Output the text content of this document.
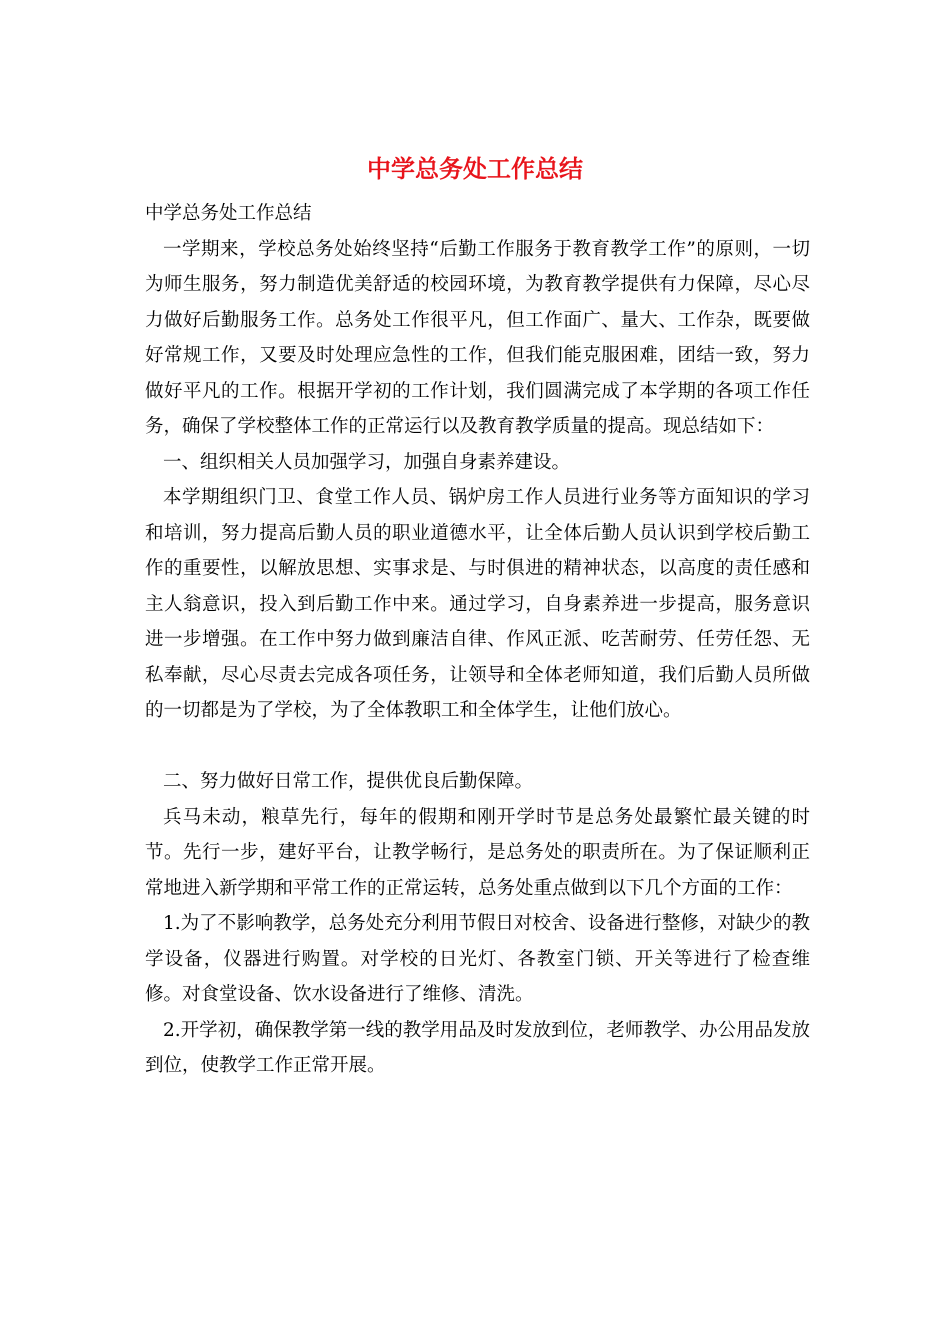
中学总务处工作总结

中学总务处工作总结

一学期来，学校总务处始终坚持“后勤工作服务于教育教学工作”的原则，一切为师生服务，努力制造优美舒适的校园环境，为教育教学提供有力保障，尽心尽力做好后勤服务工作。总务处工作很平凡，但工作面广、量大、工作杂，既要做好常规工作，又要及时处理应急性的工作，但我们能克服困难，团结一致，努力做好平凡的工作。根据开学初的工作计划，我们圆满完成了本学期的各项工作任务，确保了学校整体工作的正常运行以及教育教学质量的提高。现总结如下：

一、组织相关人员加强学习，加强自身素养建设。

本学期组织门卫、食堂工作人员、锅炉房工作人员进行业务等方面知识的学习和培训，努力提高后勤人员的职业道德水平，让全体后勤人员认识到学校后勤工作的重要性，以解放思想、实事求是、与时俱进的精神状态，以高度的责任感和主人翁意识，投入到后勤工作中来。通过学习，自身素养进一步提高，服务意识进一步增强。在工作中努力做到廉洁自律、作风正派、吃苦耐劳、任劳任怨、无私奉献，尽心尽责去完成各项任务，让领导和全体老师知道，我们后勤人员所做的一切都是为了学校，为了全体教职工和全体学生，让他们放心。

二、努力做好日常工作，提供优良后勤保障。

兵马未动，粮草先行，每年的假期和刚开学时节是总务处最繁忙最关键的时节。先行一步，建好平台，让教学畅行，是总务处的职责所在。为了保证顺利正常地进入新学期和平常工作的正常运转，总务处重点做到以下几个方面的工作：

1.为了不影响教学，总务处充分利用节假日对校舍、设备进行整修，对缺少的教学设备，仪器进行购置。对学校的日光灯、各教室门锁、开关等进行了检查维修。对食堂设备、饮水设备进行了维修、清洗。

2.开学初，确保教学第一线的教学用品及时发放到位，老师教学、办公用品发放到位，使教学工作正常开展。
